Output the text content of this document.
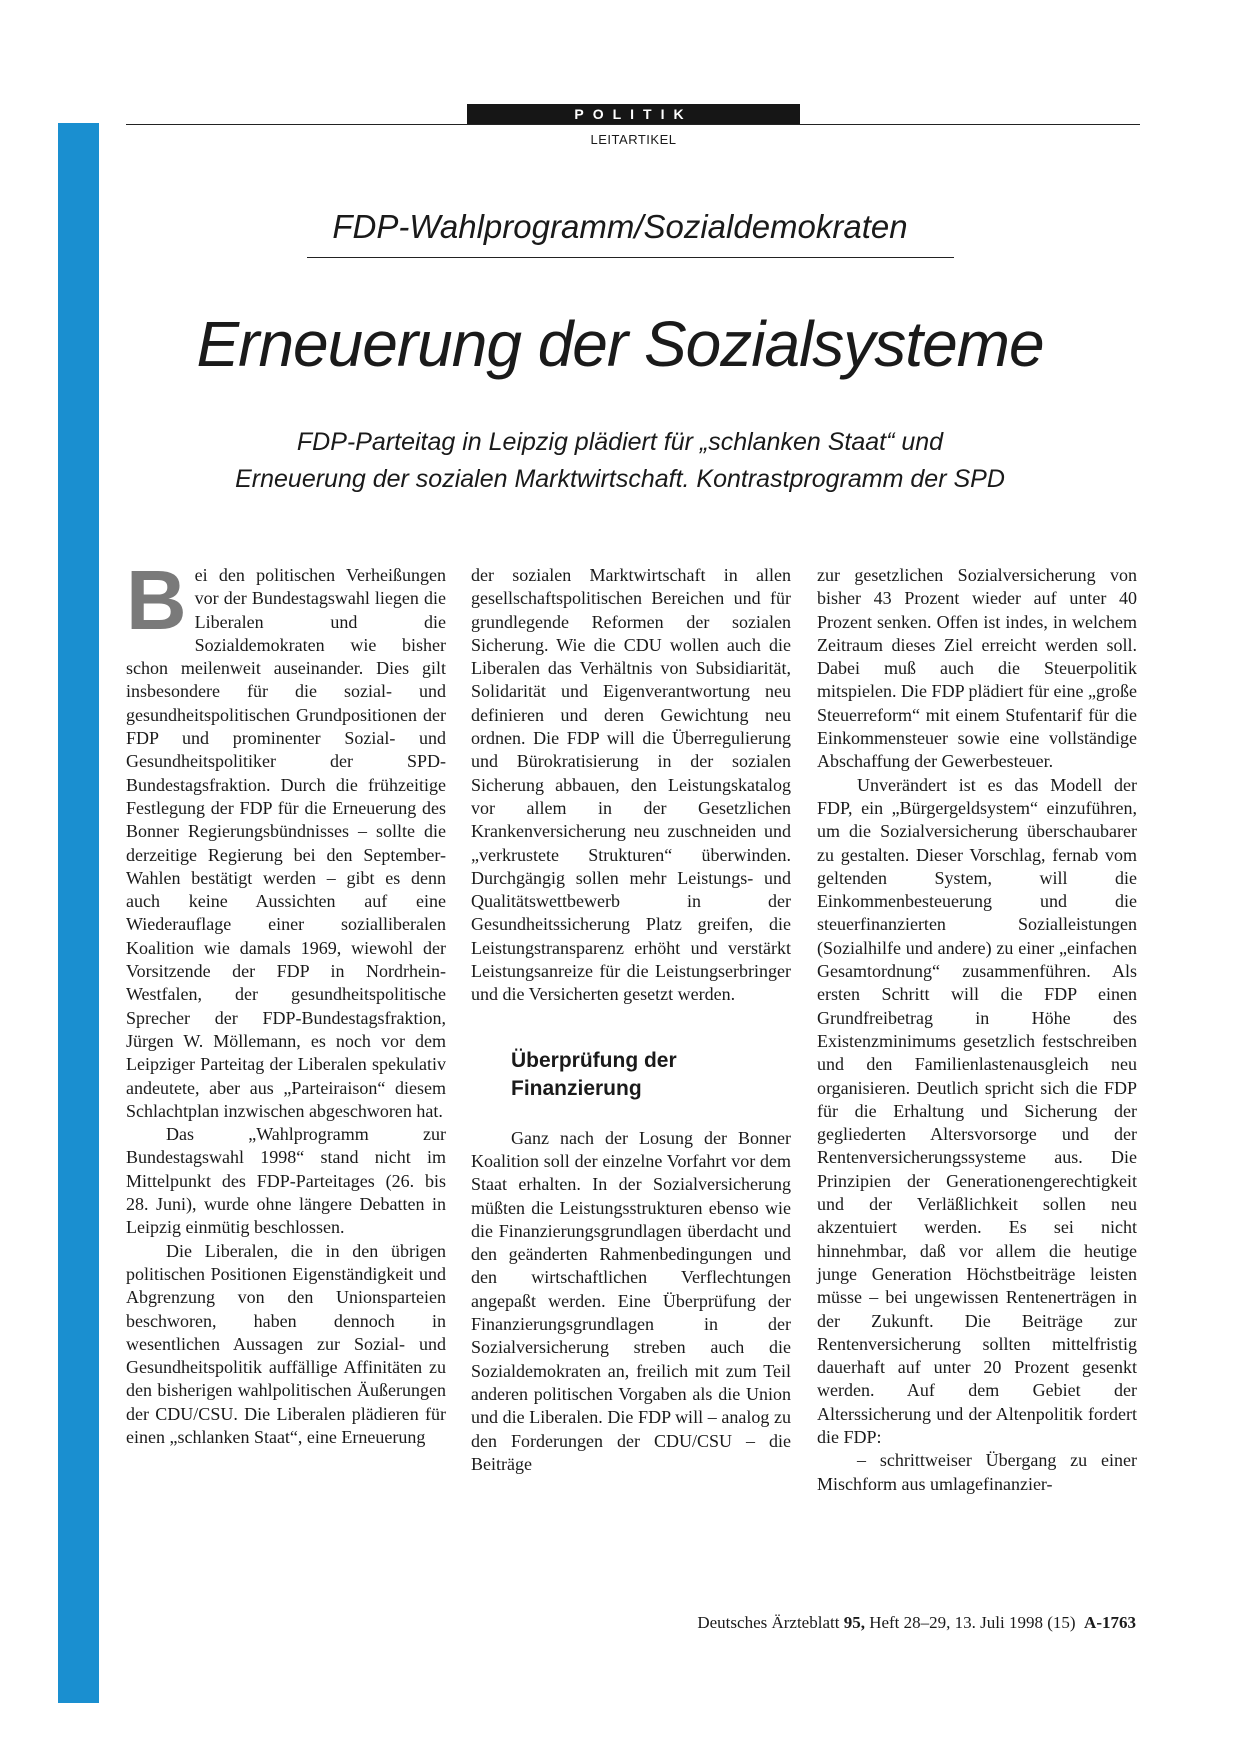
POLITIK
LEITARTIKEL
FDP-Wahlprogramm/Sozialdemokraten
Erneuerung der Sozialsysteme
FDP-Parteitag in Leipzig plädiert für „schlanken Staat“ und
Erneuerung der sozialen Marktwirtschaft. Kontrastprogramm der SPD

Bei den politischen Verheißungen vor der Bundestagswahl liegen die Liberalen und die Sozialdemokraten wie bisher schon meilenweit auseinander. Dies gilt insbesondere für die sozial- und gesundheitspolitischen Grundpositionen der FDP und prominenter Sozial- und Gesundheitspolitiker der SPD-Bundestagsfraktion. Durch die frühzeitige Festlegung der FDP für die Erneuerung des Bonner Regierungsbündnisses – sollte die derzeitige Regierung bei den September-Wahlen bestätigt werden – gibt es denn auch keine Aussichten auf eine Wiederauflage einer sozialliberalen Koalition wie damals 1969, wiewohl der Vorsitzende der FDP in Nordrhein-Westfalen, der gesundheitspolitische Sprecher der FDP-Bundestagsfraktion, Jürgen W. Möllemann, es noch vor dem Leipziger Parteitag der Liberalen spekulativ andeutete, aber aus „Parteiraison“ diesem Schlachtplan inzwischen abgeschworen hat.

Das „Wahlprogramm zur Bundestagswahl 1998“ stand nicht im Mittelpunkt des FDP-Parteitages (26. bis 28. Juni), wurde ohne längere Debatten in Leipzig einmütig beschlossen.

Die Liberalen, die in den übrigen politischen Positionen Eigenständigkeit und Abgrenzung von den Unionsparteien beschworen, haben dennoch in wesentlichen Aussagen zur Sozial- und Gesundheitspolitik auffällige Affinitäten zu den bisherigen wahlpolitischen Äußerungen der CDU/CSU. Die Liberalen plädieren für einen „schlanken Staat“, eine Erneuerung

der sozialen Marktwirtschaft in allen gesellschaftspolitischen Bereichen und für grundlegende Reformen der sozialen Sicherung. Wie die CDU wollen auch die Liberalen das Verhältnis von Subsidiarität, Solidarität und Eigenverantwortung neu definieren und deren Gewichtung neu ordnen. Die FDP will die Überregulierung und Bürokratisierung in der sozialen Sicherung abbauen, den Leistungskatalog vor allem in der Gesetzlichen Krankenversicherung neu zuschneiden und „verkrustete Strukturen“ überwinden. Durchgängig sollen mehr Leistungs- und Qualitätswettbewerb in der Gesundheitssicherung Platz greifen, die Leistungstransparenz erhöht und verstärkt Leistungsanreize für die Leistungserbringer und die Versicherten gesetzt werden.

Überprüfung der
Finanzierung

Ganz nach der Losung der Bonner Koalition soll der einzelne Vorfahrt vor dem Staat erhalten. In der Sozialversicherung müßten die Leistungsstrukturen ebenso wie die Finanzierungsgrundlagen überdacht und den geänderten Rahmenbedingungen und den wirtschaftlichen Verflechtungen angepaßt werden. Eine Überprüfung der Finanzierungsgrundlagen in der Sozialversicherung streben auch die Sozialdemokraten an, freilich mit zum Teil anderen politischen Vorgaben als die Union und die Liberalen. Die FDP will – analog zu den Forderungen der CDU/CSU – die Beiträge

zur gesetzlichen Sozialversicherung von bisher 43 Prozent wieder auf unter 40 Prozent senken. Offen ist indes, in welchem Zeitraum dieses Ziel erreicht werden soll. Dabei muß auch die Steuerpolitik mitspielen. Die FDP plädiert für eine „große Steuerreform“ mit einem Stufentarif für die Einkommensteuer sowie eine vollständige Abschaffung der Gewerbesteuer.

Unverändert ist es das Modell der FDP, ein „Bürgergeldsystem“ einzuführen, um die Sozialversicherung überschaubarer zu gestalten. Dieser Vorschlag, fernab vom geltenden System, will die Einkommenbesteuerung und die steuerfinanzierten Sozialleistungen (Sozialhilfe und andere) zu einer „einfachen Gesamtordnung“ zusammenführen. Als ersten Schritt will die FDP einen Grundfreibetrag in Höhe des Existenzminimums gesetzlich festschreiben und den Familienlastenausgleich neu organisieren. Deutlich spricht sich die FDP für die Erhaltung und Sicherung der gegliederten Altersvorsorge und der Rentenversicherungssysteme aus. Die Prinzipien der Generationengerechtigkeit und der Verläßlichkeit sollen neu akzentuiert werden. Es sei nicht hinnehmbar, daß vor allem die heutige junge Generation Höchstbeiträge leisten müsse – bei ungewissen Rentenerträgen in der Zukunft. Die Beiträge zur Rentenversicherung sollten mittelfristig dauerhaft auf unter 20 Prozent gesenkt werden. Auf dem Gebiet der Alterssicherung und der Altenpolitik fordert die FDP:

– schrittweiser Übergang zu einer Mischform aus umlagefinanzier-

Deutsches Ärzteblatt 95, Heft 28–29, 13. Juli 1998 (15) A-1763
